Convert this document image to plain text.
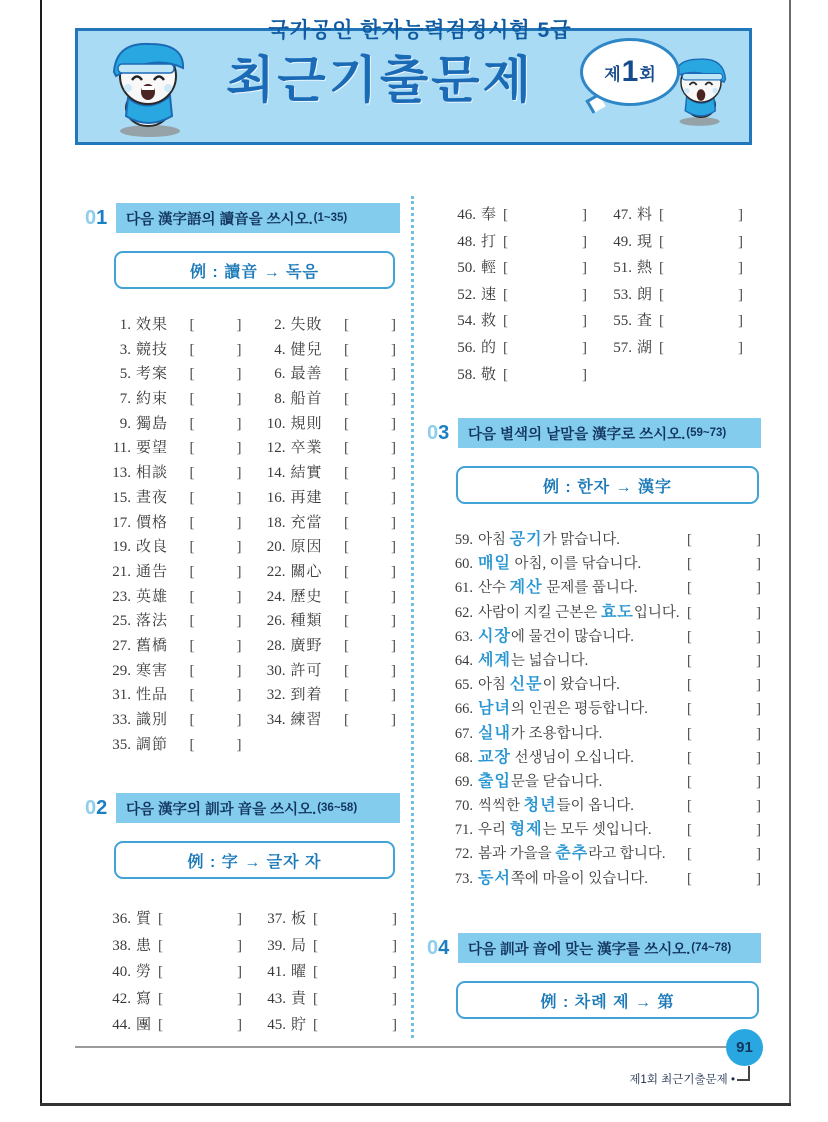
국가공인 한자능력검정시험 5급
최근기출문제	제 1 회
01 다음 漢字語의 讀音을 쓰시오. (1~35)
例 : 讀音 → 독음
1. 效果 [	]	2. 失敗 [	]
3. 競技 [	]	4. 健兒 [	]
5. 考案 [	]	6. 最善 [	]
7. 約束 [	]	8. 船首 [	]
9. 獨島 [	]	10. 規則 [	]
11. 要望 [	]	12. 卒業 [	]
13. 相談 [	]	14. 結實 [	]
15. 晝夜 [	]	16. 再建 [	]
17. 價格 [	]	18. 充當 [	]
19. 改良 [	]	20. 原因 [	]
21. 通告 [	]	22. 關心 [	]
23. 英雄 [	]	24. 歷史 [	]
25. 落法 [	]	26. 種類 [	]
27. 舊橋 [	]	28. 廣野 [	]
29. 寒害 [	]	30. 許可 [	]
31. 性品 [	]	32. 到着 [	]
33. 識別 [	]	34. 練習 [	]
35. 調節 [	]
02 다음 漢字의 訓과 音을 쓰시오. (36~58)
例 : 字 → 글자 자
36. 質 [	]	37. 板 [	]
38. 患 [	]	39. 局 [	]
40. 勞 [	]	41. 曜 [	]
42. 寫 [	]	43. 責 [	]
44. 團 [	]	45. 貯 [	]
46. 奉 [	]	47. 料 [	]
48. 打 [	]	49. 現 [	]
50. 輕 [	]	51. 熱 [	]
52. 速 [	]	53. 朗 [	]
54. 救 [	]	55. 査 [	]
56. 的 [	]	57. 湖 [	]
58. 敬 [	]
03 다음 별색의 낱말을 漢字로 쓰시오. (59~73)
例 : 한자 → 漢字
59. 아침 공기가 맑습니다.	[	]
60. 매일 아침, 이를 닦습니다.	[	]
61. 산수 계산 문제를 풉니다.	[	]
62. 사람이 지킬 근본은 효도입니다. [	]
63. 시장에 물건이 많습니다.	[	]
64. 세계는 넓습니다.	[	]
65. 아침 신문이 왔습니다.	[	]
66. 남녀의 인권은 평등합니다.	[	]
67. 실내가 조용합니다.	[	]
68. 교장 선생님이 오십니다.	[	]
69. 출입문을 닫습니다.	[	]
70. 씩씩한 청년들이 옵니다.	[	]
71. 우리 형제는 모두 셋입니다. [	]
72. 봄과 가을을 춘추라고 합니다. [	]
73. 동서쪽에 마을이 있습니다.	[	]
04 다음 訓과 音에 맞는 漢字를 쓰시오. (74~78)
例 : 차례 제 → 第
91
제1회 최근기출문제 •
